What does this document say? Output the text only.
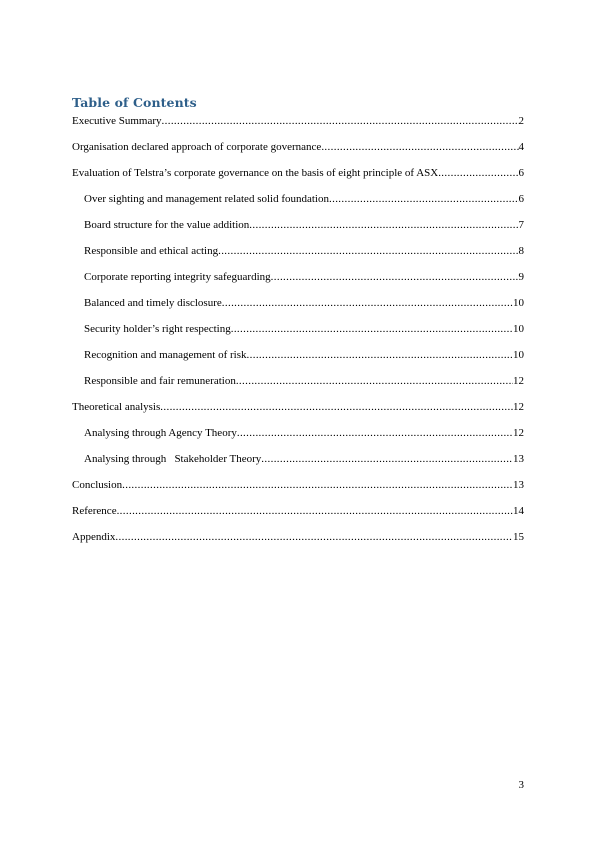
Table of Contents
Executive Summary .....	2
Organisation declared approach of corporate governance .....	4
Evaluation of Telstra’s corporate governance on the basis of eight principle of ASX .....	6
Over sighting and management related solid foundation .....	6
Board structure for the value addition .....	7
Responsible and ethical acting .....	8
Corporate reporting integrity safeguarding .....	9
Balanced and timely disclosure .....	10
Security holder’s right respecting .....	10
Recognition and management of risk .....	10
Responsible and fair remuneration .....	12
Theoretical analysis .....	12
Analysing through Agency Theory .....	12
Analysing through   Stakeholder Theory .....	13
Conclusion .....	13
Reference .....	14
Appendix .....	15
3
